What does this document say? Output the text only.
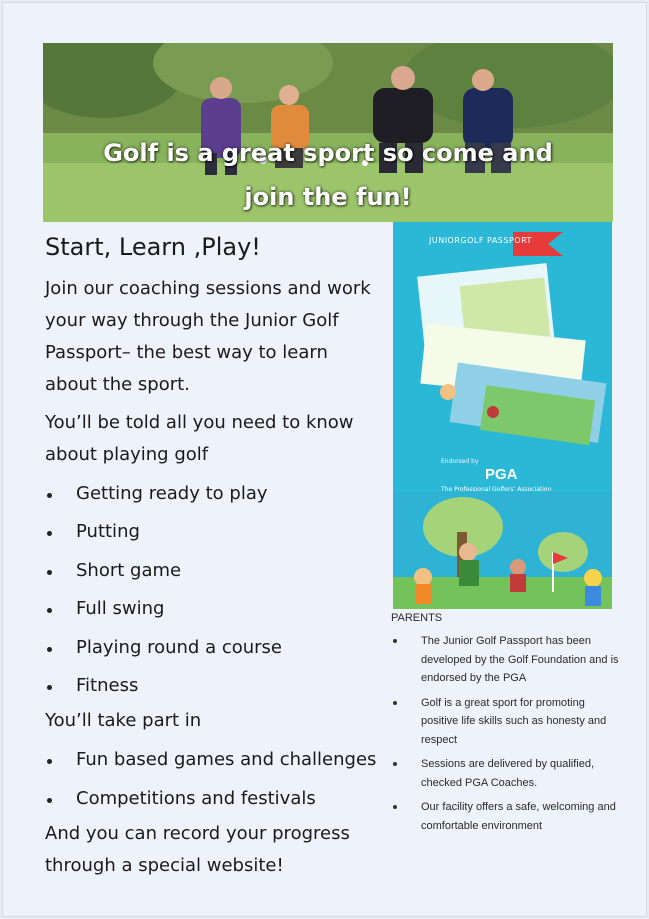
Golf is a great sport so come and join the fun!
Start, Learn ,Play!

Join our coaching sessions and work your way through the Junior Golf Passport– the best way to learn about the sport.

You’ll be told all you need to know about playing golf

Getting ready to play
Putting
Short game
Full swing
Playing round a course
Fitness

You’ll take part in

Fun based games and challenges
Competitions and festivals

And you can record your progress through a special website!

JUNIORGOLF PASSPORT
Endorsed by
PGA
The Professional Golfers’ Association

PARENTS

The Junior Golf Passport has been developed by the Golf Foundation and is endorsed by the PGA
Golf is a great sport for promoting positive life skills such as honesty and respect
Sessions are delivered by qualified, checked PGA Coaches.
Our facility offers a safe, welcoming and comfortable environment
